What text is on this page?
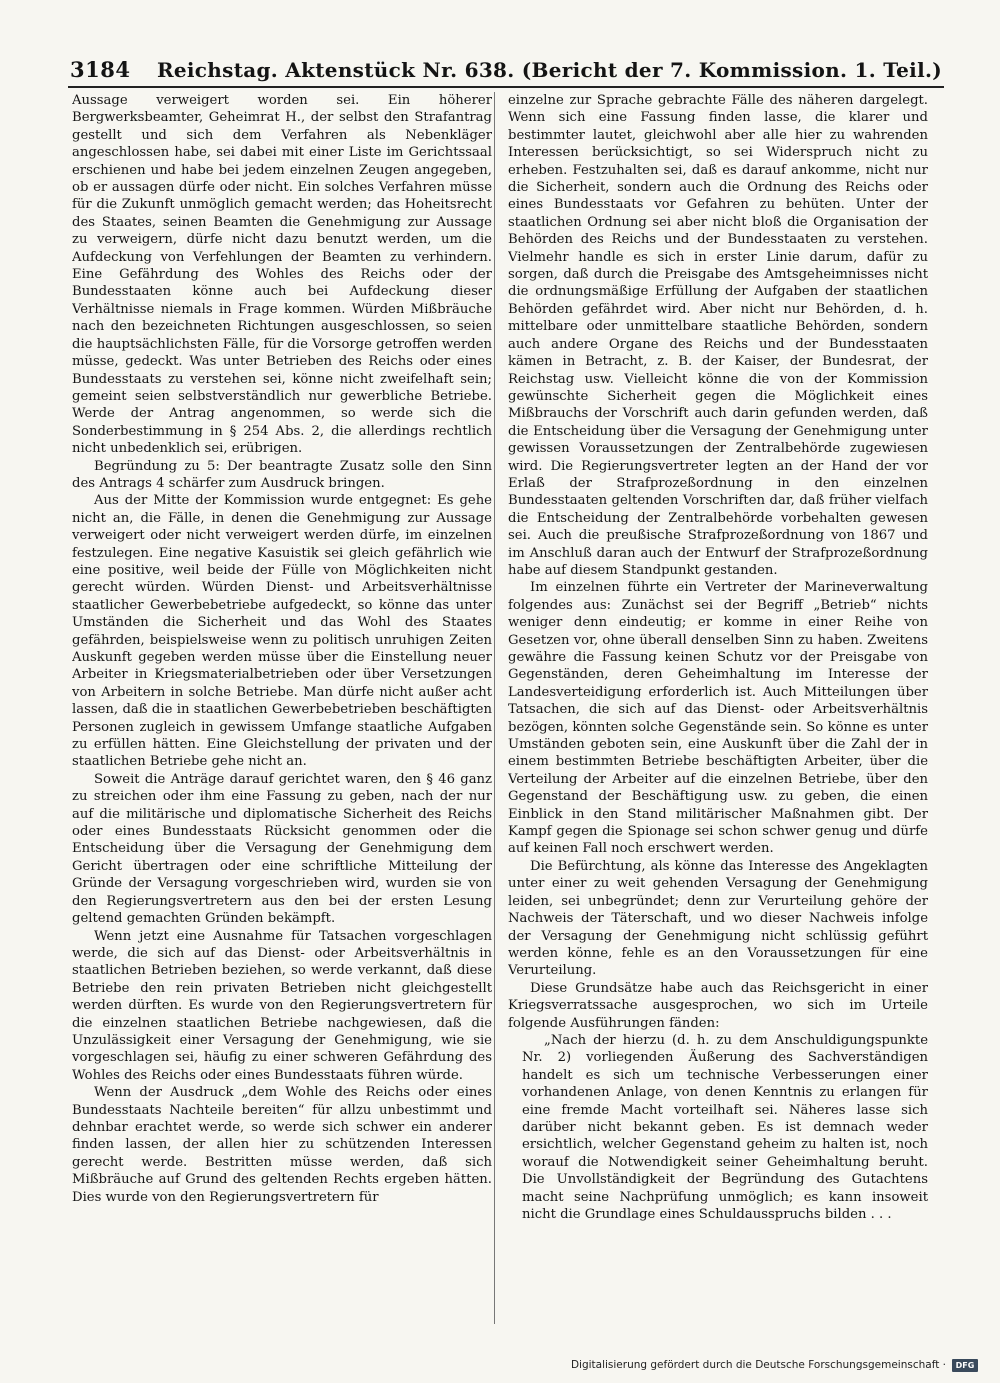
3184 Reichstag. Aktenstück Nr. 638. (Bericht der 7. Kommission. 1. Teil.)

Aussage verweigert worden sei. Ein höherer Bergwerksbeamter, Geheimrat H., der selbst den Strafantrag gestellt und sich dem Verfahren als Nebenkläger angeschlossen habe, sei dabei mit einer Liste im Gerichtssaal erschienen und habe bei jedem einzelnen Zeugen angegeben, ob er aussagen dürfe oder nicht. Ein solches Verfahren müsse für die Zukunft unmöglich gemacht werden; das Hoheitsrecht des Staates, seinen Beamten die Genehmigung zur Aussage zu verweigern, dürfe nicht dazu benutzt werden, um die Aufdeckung von Verfehlungen der Beamten zu verhindern. Eine Gefährdung des Wohles des Reichs oder der Bundesstaaten könne auch bei Aufdeckung dieser Verhältnisse niemals in Frage kommen. Würden Mißbräuche nach den bezeichneten Richtungen ausgeschlossen, so seien die hauptsächlichsten Fälle, für die Vorsorge getroffen werden müsse, gedeckt. Was unter Betrieben des Reichs oder eines Bundesstaats zu verstehen sei, könne nicht zweifelhaft sein; gemeint seien selbstverständlich nur gewerbliche Betriebe. Werde der Antrag angenommen, so werde sich die Sonderbestimmung in § 254 Abs. 2, die allerdings rechtlich nicht unbedenklich sei, erübrigen.

Begründung zu 5: Der beantragte Zusatz solle den Sinn des Antrags 4 schärfer zum Ausdruck bringen.

Aus der Mitte der Kommission wurde entgegnet: Es gehe nicht an, die Fälle, in denen die Genehmigung zur Aussage verweigert oder nicht verweigert werden dürfe, im einzelnen festzulegen. Eine negative Kasuistik sei gleich gefährlich wie eine positive, weil beide der Fülle von Möglichkeiten nicht gerecht würden. Würden Dienst- und Arbeitsverhältnisse staatlicher Gewerbebetriebe aufgedeckt, so könne das unter Umständen die Sicherheit und das Wohl des Staates gefährden, beispielsweise wenn zu politisch unruhigen Zeiten Auskunft gegeben werden müsse über die Einstellung neuer Arbeiter in Kriegsmaterialbetrieben oder über Versetzungen von Arbeitern in solche Betriebe. Man dürfe nicht außer acht lassen, daß die in staatlichen Gewerbebetrieben beschäftigten Personen zugleich in gewissem Umfange staatliche Aufgaben zu erfüllen hätten. Eine Gleichstellung der privaten und der staatlichen Betriebe gehe nicht an.

Soweit die Anträge darauf gerichtet waren, den § 46 ganz zu streichen oder ihm eine Fassung zu geben, nach der nur auf die militärische und diplomatische Sicherheit des Reichs oder eines Bundesstaats Rücksicht genommen oder die Entscheidung über die Versagung der Genehmigung dem Gericht übertragen oder eine schriftliche Mitteilung der Gründe der Versagung vorgeschrieben wird, wurden sie von den Regierungsvertretern aus den bei der ersten Lesung geltend gemachten Gründen bekämpft.

Wenn jetzt eine Ausnahme für Tatsachen vorgeschlagen werde, die sich auf das Dienst- oder Arbeitsverhältnis in staatlichen Betrieben beziehen, so werde verkannt, daß diese Betriebe den rein privaten Betrieben nicht gleichgestellt werden dürften. Es wurde von den Regierungsvertretern für die einzelnen staatlichen Betriebe nachgewiesen, daß die Unzulässigkeit einer Versagung der Genehmigung, wie sie vorgeschlagen sei, häufig zu einer schweren Gefährdung des Wohles des Reichs oder eines Bundesstaats führen würde.

Wenn der Ausdruck „dem Wohle des Reichs oder eines Bundesstaats Nachteile bereiten“ für allzu unbestimmt und dehnbar erachtet werde, so werde sich schwer ein anderer finden lassen, der allen hier zu schützenden Interessen gerecht werde. Bestritten müsse werden, daß sich Mißbräuche auf Grund des geltenden Rechts ergeben hätten. Dies wurde von den Regierungsvertretern für

einzelne zur Sprache gebrachte Fälle des näheren dargelegt. Wenn sich eine Fassung finden lasse, die klarer und bestimmter lautet, gleichwohl aber alle hier zu wahrenden Interessen berücksichtigt, so sei Widerspruch nicht zu erheben. Festzuhalten sei, daß es darauf ankomme, nicht nur die Sicherheit, sondern auch die Ordnung des Reichs oder eines Bundesstaats vor Gefahren zu behüten. Unter der staatlichen Ordnung sei aber nicht bloß die Organisation der Behörden des Reichs und der Bundesstaaten zu verstehen. Vielmehr handle es sich in erster Linie darum, dafür zu sorgen, daß durch die Preisgabe des Amtsgeheimnisses nicht die ordnungsmäßige Erfüllung der Aufgaben der staatlichen Behörden gefährdet wird. Aber nicht nur Behörden, d. h. mittelbare oder unmittelbare staatliche Behörden, sondern auch andere Organe des Reichs und der Bundesstaaten kämen in Betracht, z. B. der Kaiser, der Bundesrat, der Reichstag usw. Vielleicht könne die von der Kommission gewünschte Sicherheit gegen die Möglichkeit eines Mißbrauchs der Vorschrift auch darin gefunden werden, daß die Entscheidung über die Versagung der Genehmigung unter gewissen Voraussetzungen der Zentralbehörde zugewiesen wird. Die Regierungsvertreter legten an der Hand der vor Erlaß der Strafprozeßordnung in den einzelnen Bundesstaaten geltenden Vorschriften dar, daß früher vielfach die Entscheidung der Zentralbehörde vorbehalten gewesen sei. Auch die preußische Strafprozeßordnung von 1867 und im Anschluß daran auch der Entwurf der Strafprozeßordnung habe auf diesem Standpunkt gestanden.

Im einzelnen führte ein Vertreter der Marineverwaltung folgendes aus: Zunächst sei der Begriff „Betrieb“ nichts weniger denn eindeutig; er komme in einer Reihe von Gesetzen vor, ohne überall denselben Sinn zu haben. Zweitens gewähre die Fassung keinen Schutz vor der Preisgabe von Gegenständen, deren Geheimhaltung im Interesse der Landesverteidigung erforderlich ist. Auch Mitteilungen über Tatsachen, die sich auf das Dienst- oder Arbeitsverhältnis bezögen, könnten solche Gegenstände sein. So könne es unter Umständen geboten sein, eine Auskunft über die Zahl der in einem bestimmten Betriebe beschäftigten Arbeiter, über die Verteilung der Arbeiter auf die einzelnen Betriebe, über den Gegenstand der Beschäftigung usw. zu geben, die einen Einblick in den Stand militärischer Maßnahmen gibt. Der Kampf gegen die Spionage sei schon schwer genug und dürfe auf keinen Fall noch erschwert werden.

Die Befürchtung, als könne das Interesse des Angeklagten unter einer zu weit gehenden Versagung der Genehmigung leiden, sei unbegründet; denn zur Verurteilung gehöre der Nachweis der Täterschaft, und wo dieser Nachweis infolge der Versagung der Genehmigung nicht schlüssig geführt werden könne, fehle es an den Voraussetzungen für eine Verurteilung.

Diese Grundsätze habe auch das Reichsgericht in einer Kriegsverratssache ausgesprochen, wo sich im Urteile folgende Ausführungen fänden:

„Nach der hierzu (d. h. zu dem Anschuldigungspunkte Nr. 2) vorliegenden Äußerung des Sachverständigen handelt es sich um technische Verbesserungen einer vorhandenen Anlage, von denen Kenntnis zu erlangen für eine fremde Macht vorteilhaft sei. Näheres lasse sich darüber nicht bekannt geben. Es ist demnach weder ersichtlich, welcher Gegenstand geheim zu halten ist, noch worauf die Notwendigkeit seiner Geheimhaltung beruht. Die Unvollständigkeit der Begründung des Gutachtens macht seine Nachprüfung unmöglich; es kann insoweit nicht die Grundlage eines Schuldausspruchs bilden . . .

Digitalisierung gefördert durch die Deutsche Forschungsgemeinschaft ·	DFG
